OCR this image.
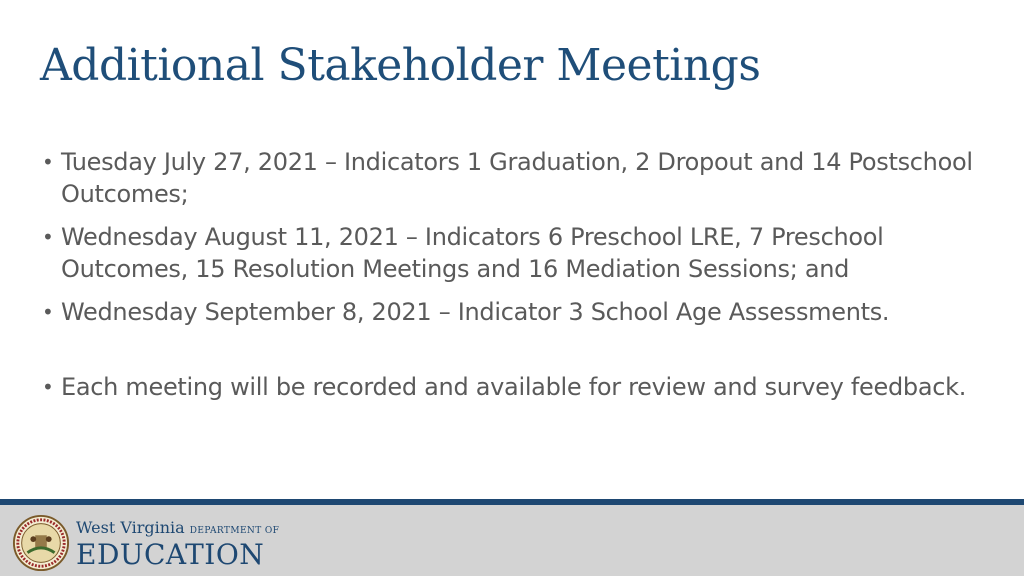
Additional Stakeholder Meetings
• Tuesday July 27, 2021 – Indicators 1 Graduation, 2 Dropout and 14 Postschool Outcomes;
• Wednesday August 11, 2021 – Indicators 6 Preschool LRE, 7 Preschool Outcomes, 15 Resolution Meetings and 16 Mediation Sessions; and
• Wednesday September 8, 2021 – Indicator 3 School Age Assessments.
• Each meeting will be recorded and available for review and survey feedback.
West Virginia DEPARTMENT OF
EDUCATION
